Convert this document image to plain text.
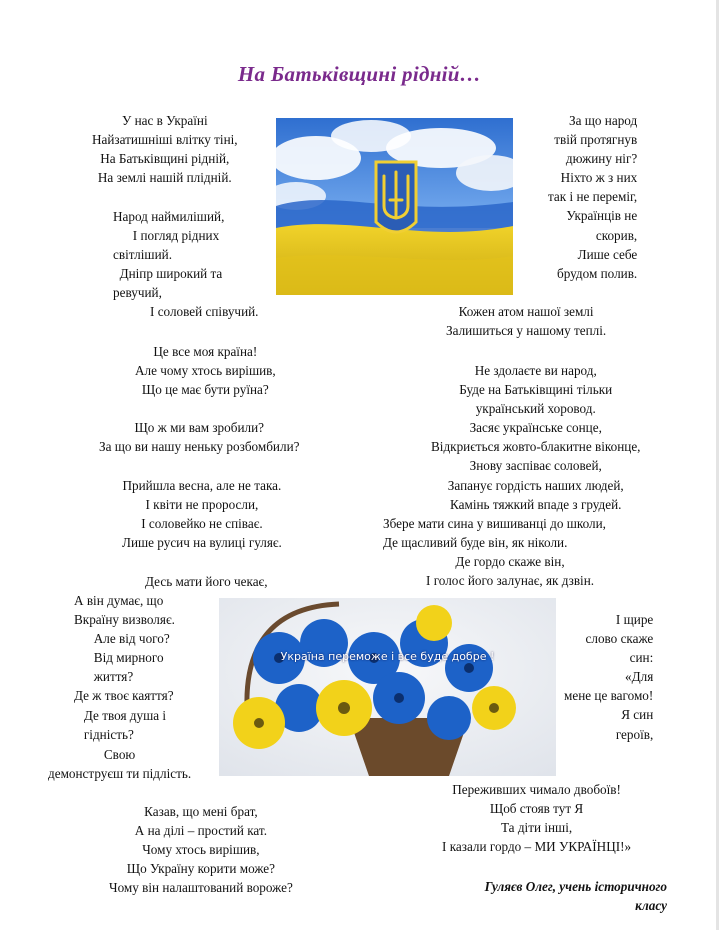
На Батьківщині рідній…

У нас в Україні
Найзатишніші влітку тіні,
На Батьківщині рідній,
На землі нашій плідній.

Народ наймиліший,
І погляд рідних
світліший.
Дніпр широкий та
ревучий,

І соловей співучий.

Це все моя країна!
Але чому хтось вирішив,
Що це має бути руїна?

Що ж ми вам зробили?
За що ви нашу неньку розбомбили?

Прийшла весна, але не така.
І квіти не проросли,
І соловейко не співає.
Лише русич на вулиці гуляє.

Десь мати його чекає,

А він думає, що
Вкраїну визволяє.
Але від чого?
Від мирного
життя?
Де ж твоє каяття?
Де твоя душа і
гідність?

Свою
демонструєш ти підлість.

Казав, що мені брат,
А на ділі – простий кат.
Чому хтось вирішив,
Що Україну корити може?
Чому він налаштований вороже?

За що народ
твій протягнув
дюжину ніг?
Ніхто ж з них
так і не переміг,
Українців не
скорив,
Лише себе
брудом полив.

Кожен атом нашої землі
Залишиться у нашому теплі.

Не здолаєте ви народ,
Буде на Батьківщині тільки
український хоровод.
Засяє українське сонце,
Відкриється жовто-блакитне віконце,
Знову заспіває соловей,
Запанує гордість наших людей,
Камінь тяжкий впаде з грудей.

Збере мати сина у вишиванці до школи,
Де щасливий буде він, як ніколи.

Де гордо скаже він,
І голос його залунає, як дзвін.

І щире
слово скаже
син:
«Для
мене це вагомо!
Я син
героїв,

Переживших чимало двобоїв!
Щоб стояв тут Я
Та діти інші,
І казали гордо – МИ УКРАЇНЦІ!»

Україна переможе і все буде добре !
Гуляєв Олег, учень історичного
класу
